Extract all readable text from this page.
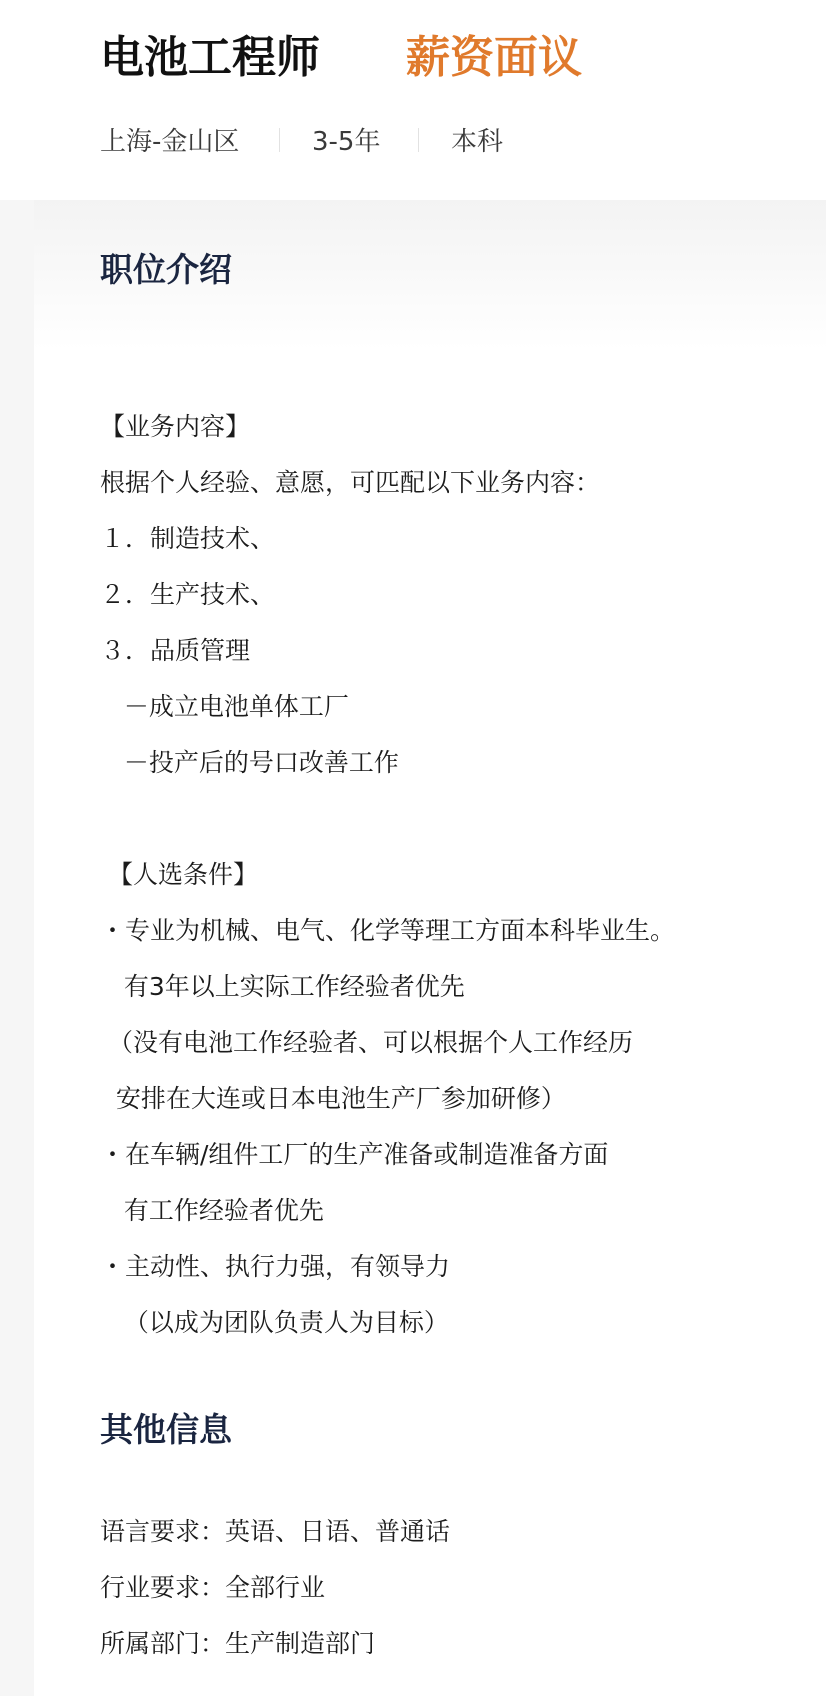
电池工程师 薪资面议
上海-金山区	3-5年	本科
职位介绍
【业务内容】
根据个人经验、意愿，可匹配以下业务内容：
１．制造技术、
２．生产技术、
３．品质管理
－成立电池单体工厂
－投产后的号口改善工作
【人选条件】
・专业为机械、电气、化学等理工方面本科毕业生。
有3年以上实际工作经验者优先
（没有电池工作经验者、可以根据个人工作经历
安排在大连或日本电池生产厂参加研修）
・在车辆/组件工厂的生产准备或制造准备方面
有工作经验者优先
・主动性、执行力强，有领导力
（以成为团队负责人为目标）
其他信息
语言要求：英语、日语、普通话
行业要求：全部行业
所属部门：生产制造部门
